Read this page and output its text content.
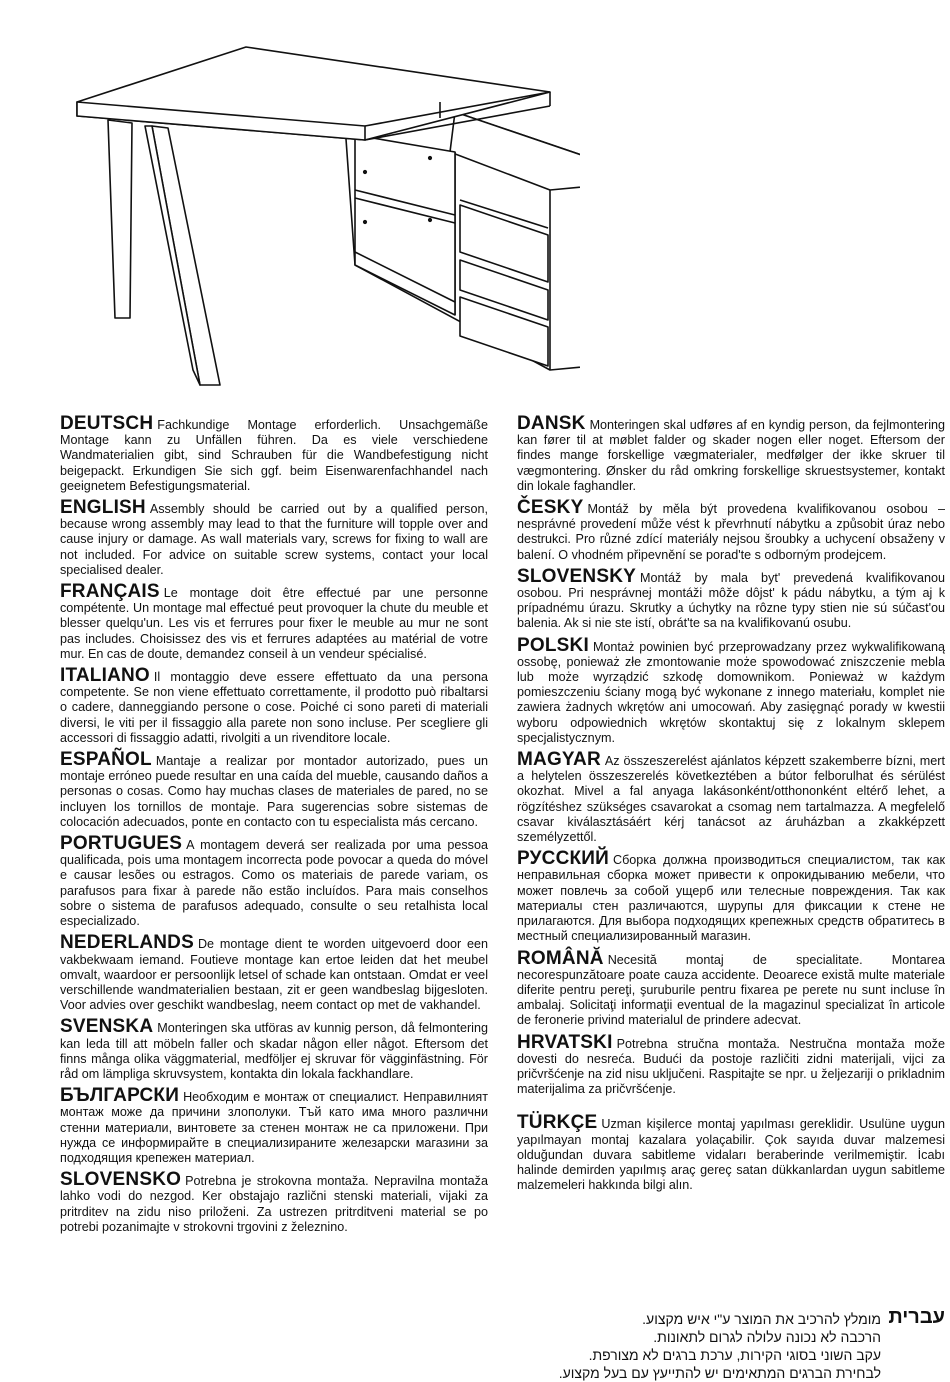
DEUTSCH Fachkundige Montage erforderlich. Unsachgemäße Montage kann zu Unfällen führen. Da es viele verschiedene Wandmaterialien gibt, sind Schrauben für die Wandbefestigung nicht beigepackt. Erkundigen Sie sich ggf. beim Eisenwarenfachhandel nach geeignetem Befestigungsmaterial.

ENGLISH Assembly should be carried out by a qualified person, because wrong assembly may lead to that the furniture will topple over and cause injury or damage. As wall materials vary, screws for fixing to wall are not included. For advice on suitable screw systems, contact your local specialised dealer.

FRANÇAIS Le montage doit être effectué par une personne compétente. Un montage mal effectué peut provoquer la chute du meuble et blesser quelqu'un. Les vis et ferrures pour fixer le meuble au mur ne sont pas includes. Choisissez des vis et ferrures adaptées au matérial de votre mur. En cas de doute, demandez conseil à un vendeur spécialisé.

ITALIANO Il montaggio deve essere effettuato da una persona competente. Se non viene effettuato correttamente, il prodotto può ribaltarsi o cadere, danneggiando persone o cose. Poiché ci sono pareti di materiali diversi, le viti per il fissaggio alla parete non sono incluse. Per scegliere gli accessori di fissaggio adatti, rivolgiti a un rivenditore locale.

ESPAÑOL Mantaje a realizar por montador autorizado, pues un montaje erróneo puede resultar en una caída del mueble, causando daños a personas o cosas. Como hay muchas clases de materiales de pared, no se incluyen los tornillos de montaje. Para sugerencias sobre sistemas de colocación adecuados, ponte en contacto con tu especialista más cercano.

PORTUGUES A montagem deverá ser realizada por uma pessoa qualificada, pois uma montagem incorrecta pode povocar a queda do móvel e causar lesões ou estragos. Como os materiais de parede variam, os parafusos para fixar à parede não estão incluídos. Para mais conselhos sobre o sistema de parafusos adequado, consulte o seu retalhista local especializado.

NEDERLANDS De montage dient te worden uitgevoerd door een vakbekwaam iemand. Foutieve montage kan ertoe leiden dat het meubel omvalt, waardoor er persoonlijk letsel of schade kan ontstaan. Omdat er veel verschillende wandmaterialien bestaan, zit er geen wandbeslag bijgesloten. Voor advies over geschikt wandbeslag, neem contact op met de vakhandel.

SVENSKA Monteringen ska utföras av kunnig person, då felmontering kan leda till att möbeln faller och skadar någon eller något. Eftersom det finns många olika väggmaterial, medföljer ej skruvar för vägginfästning. För råd om lämpliga skruvsystem, kontakta din lokala fackhandlare.

БЪЛГАРСКИ Необходим е монтаж от специалист. Неправилният монтаж може да причини злополуки. Тъй като има много различни стенни материали, винтовете за стенен монтаж не са приложени. При нужда се информирайте в специализираните железарски магазини за подходящия крепежен материал.

SLOVENSKO Potrebna je strokovna montaža. Nepravilna montaža lahko vodi do nezgod. Ker obstajajo različni stenski materiali, vijaki za pritrditev na zidu niso priloženi. Za ustrezen pritrditveni material se po potrebi pozanimajte v strokovni trgovini z železnino.

DANSK Monteringen skal udføres af en kyndig person, da fejlmontering kan fører til at møblet falder og skader nogen eller noget. Eftersom der findes mange forskellige vægmaterialer, medfølger der ikke skruer til vægmontering. Ønsker du råd omkring forskellige skruestsystemer, kontakt din lokale faghandler.

ČESKY Montáž by měla být provedena kvalifikovanou osobou – nesprávné provedení může vést k převrhnutí nábytku a způsobit úraz nebo destrukci. Pro různé zdící materiály nejsou šroubky a uchycení obsaženy v balení. O vhodném připevnění se porad'te s odborným prodejcem.

SLOVENSKY Montáž by mala byt' prevedená kvalifikovanou osobou. Pri nesprávnej montáži môže dôjst' k pádu nábytku, a tým aj k prípadnému úrazu. Skrutky a úchytky na rôzne typy stien nie sú súčast'ou balenia. Ak si nie ste istí, obrát'te sa na kvalifikovanú osubu.

POLSKI Montaż powinien być przeprowadzany przez wykwalifikowaną ossobę, ponieważ złe zmontowanie może spowodować zniszczenie mebla lub może wyrządzić szkodę domownikom. Ponieważ w każdym pomieszczeniu ściany mogą być wykonane z innego materiału, komplet nie zawiera żadnych wkrętów ani umocowań. Aby zasięgnąć porady w kwestii wyboru odpowiednich wkrętów skontaktuj się z lokalnym sklepem specjalistycznym.

MAGYAR Az összeszerelést ajánlatos képzett szakemberre bízni, mert a helytelen összeszerelés következtében a bútor felborulhat és sérülést okozhat. Mivel a fal anyaga lakásonként/otthononként eltérő lehet, a rögzítéshez szükséges csavarokat a csomag nem tartalmazza. A megfelelő csavar kiválasztásáért kérj tanácsot az áruházban a zkakképzett személyzettől.

РУССКИЙ Сборка должна производиться специалистом, так как неправильная сборка может привести к опрокидыванию мебели, что может повлечь за собой ущерб или телесные повреждения. Так как материалы стен различаются, шурупы для фиксации к стене не прилагаются. Для выбора подходящих крепежных средств обратитесь в местный специализированный магазин.

ROMÂNĂ Necesită montaj de specialitate. Montarea necorespunzătoare poate cauza accidente. Deoarece există multe materiale diferite pentru pereţi, şuruburile pentru fixarea pe perete nu sunt incluse în ambalaj. Solicitaţi informaţii eventual de la magazinul specializat în articole de feronerie privind materialul de prindere adecvat.

HRVATSKI Potrebna stručna montaža. Nestručna montaža može dovesti do nesreća. Budući da postoje različiti zidni materijali, vijci za pričvršćenje na zid nisu uključeni. Raspitajte se npr. u željezariji o prikladnim materijalima za pričvršćenje.

TÜRKÇE Uzman kişilerce montaj yapılması gereklidir. Usulüne uygun yapılmayan montaj kazalara yolaçabilir. Çok sayıda duvar malzemesi olduğundan duvara sabitleme vidaları beraberinde verilmemiştir. İcabı halinde demirden yapılmış araç gereç satan dükkanlardan uygun sabitleme malzemeleri hakkında bilgi alın.

עברית
מומלץ להרכיב את המוצר ע"י איש מקצוע.
הרכבה לא נכונה עלולה לגרום לתאונות.
עקב השוני בסוגי הקירות, ערכת ברגים לא מצורפת.
לבחירת הברגים המתאימים יש להתייעץ עם בעל מקצוע.
